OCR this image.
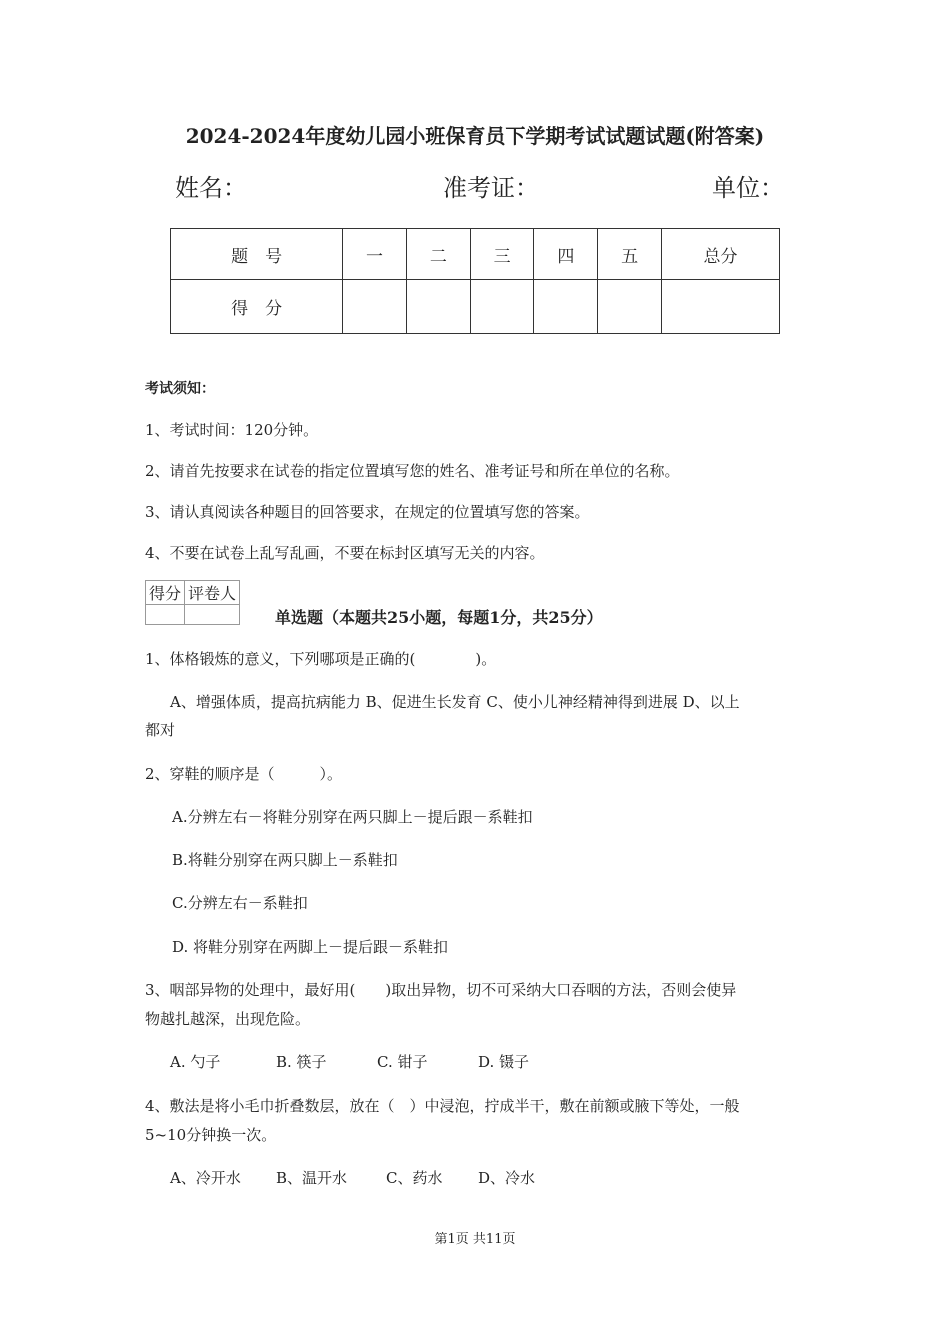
2024-2024年度幼儿园小班保育员下学期考试试题试题(附答案)
姓名：	准考证：	单位：
题　号	一	二	三	四	五	总分
得　分						
考试须知：
1、考试时间：120分钟。
2、请首先按要求在试卷的指定位置填写您的姓名、准考证号和所在单位的名称。
3、请认真阅读各种题目的回答要求，在规定的位置填写您的答案。
4、不要在试卷上乱写乱画，不要在标封区填写无关的内容。
得分	评卷人

单选题（本题共25小题，每题1分，共25分）
1、体格锻炼的意义，下列哪项是正确的(　　　　)。
A、增强体质，提高抗病能力 B、促进生长发育 C、使小儿神经精神得到进展 D、以上
都对
2、穿鞋的顺序是（　　　）。
A.分辨左右－将鞋分别穿在两只脚上－提后跟－系鞋扣
B.将鞋分别穿在两只脚上－系鞋扣
C.分辨左右－系鞋扣
D. 将鞋分别穿在两脚上－提后跟－系鞋扣
3、咽部异物的处理中，最好用(　　)取出异物，切不可采纳大口吞咽的方法，否则会使异
物越扎越深，出现危险。
A. 勺子	B. 筷子	C. 钳子	D. 镊子
4、敷法是将小毛巾折叠数层，放在（　）中浸泡，拧成半干，敷在前额或腋下等处，一般
5~10分钟换一次。
A、冷开水 B、温开水	C、药水 D、冷水
第1页 共11页
